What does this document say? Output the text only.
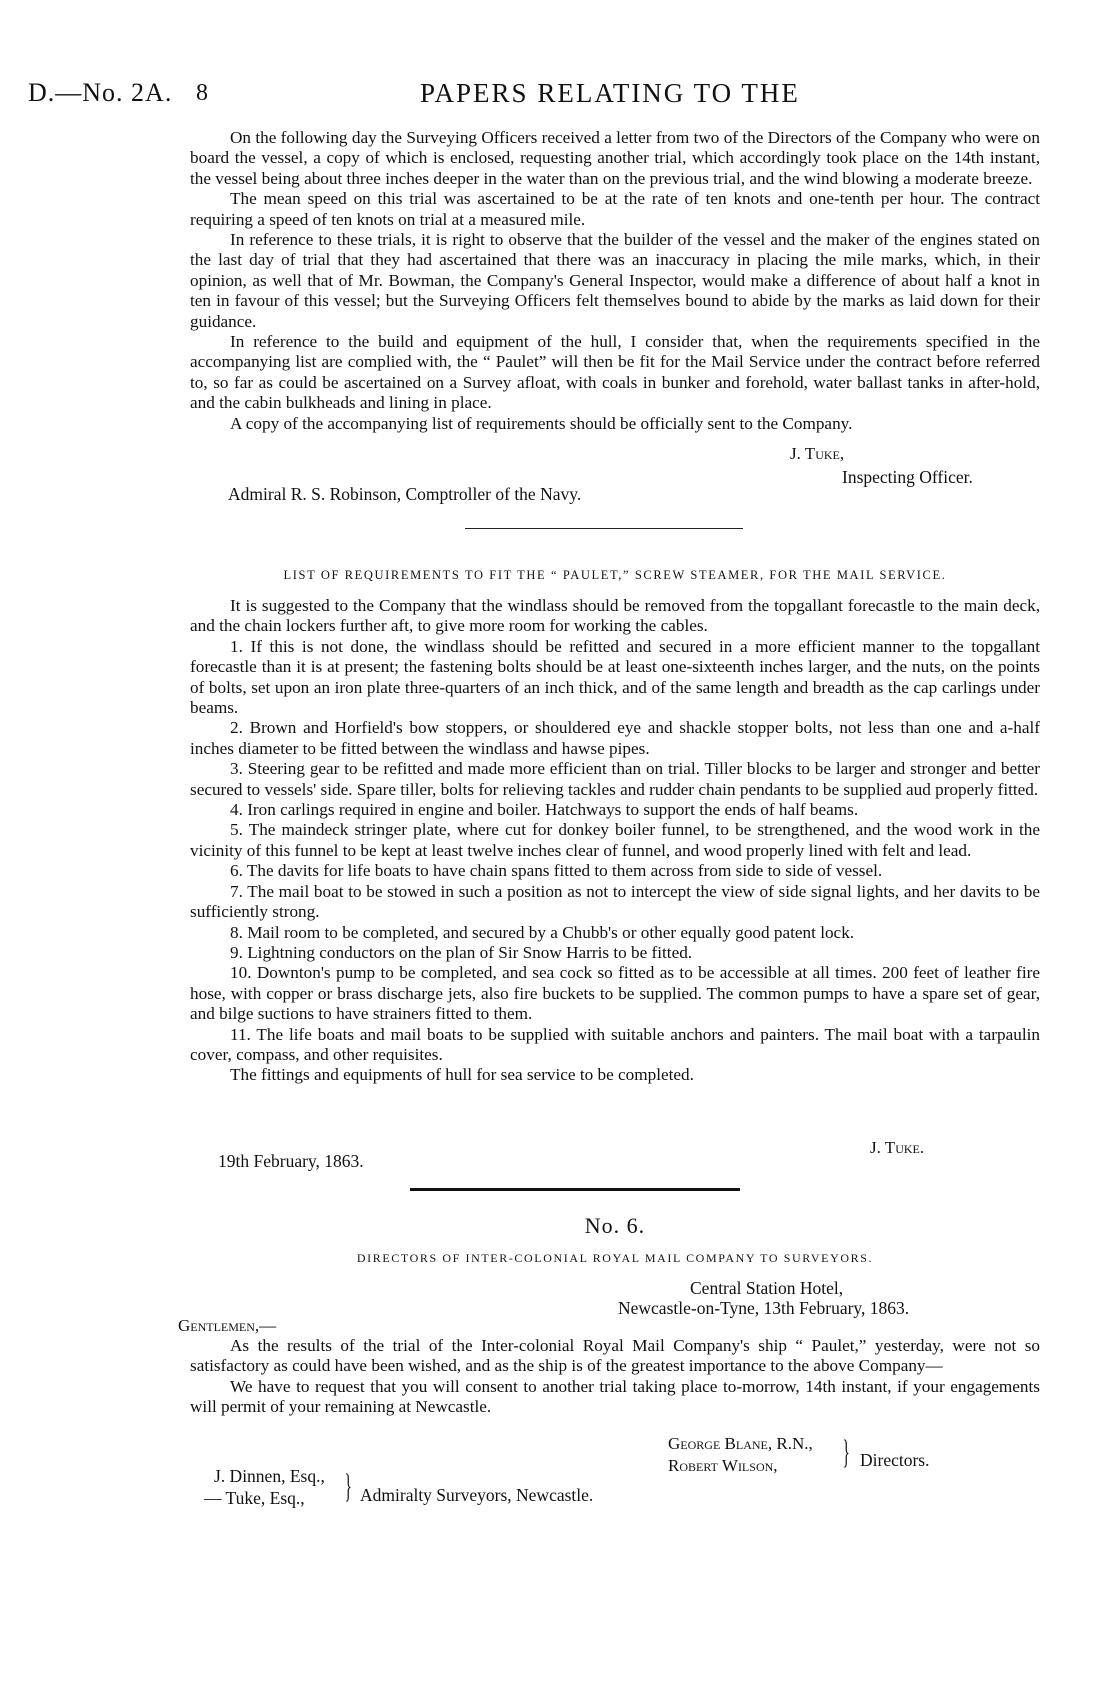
D.—No. 2A. 8	PAPERS RELATING TO THE

On the following day the Surveying Officers received a letter from two of the Directors of the Company who were on board the vessel, a copy of which is enclosed, requesting another trial, which accordingly took place on the 14th instant, the vessel being about three inches deeper in the water than on the previous trial, and the wind blowing a moderate breeze.

The mean speed on this trial was ascertained to be at the rate of ten knots and one-tenth per hour. The contract requiring a speed of ten knots on trial at a measured mile.

In reference to these trials, it is right to observe that the builder of the vessel and the maker of the engines stated on the last day of trial that they had ascertained that there was an inaccuracy in placing the mile marks, which, in their opinion, as well that of Mr. Bowman, the Company's General Inspector, would make a difference of about half a knot in ten in favour of this vessel; but the Surveying Officers felt themselves bound to abide by the marks as laid down for their guidance.

In reference to the build and equipment of the hull, I consider that, when the requirements specified in the accompanying list are complied with, the “ Paulet” will then be fit for the Mail Service under the contract before referred to, so far as could be ascertained on a Survey afloat, with coals in bunker and forehold, water ballast tanks in after-hold, and the cabin bulkheads and lining in place.

A copy of the accompanying list of requirements should be officially sent to the Company.

J. Tuke,
Inspecting Officer.
Admiral R. S. Robinson, Comptroller of the Navy.
LIST OF REQUIREMENTS TO FIT THE “ PAULET,” SCREW STEAMER, FOR THE MAIL SERVICE.

It is suggested to the Company that the windlass should be removed from the topgallant forecastle to the main deck, and the chain lockers further aft, to give more room for working the cables.

1. If this is not done, the windlass should be refitted and secured in a more efficient manner to the topgallant forecastle than it is at present; the fastening bolts should be at least one-sixteenth inches larger, and the nuts, on the points of bolts, set upon an iron plate three-quarters of an inch thick, and of the same length and breadth as the cap carlings under beams.

2. Brown and Horfield's bow stoppers, or shouldered eye and shackle stopper bolts, not less than one and a-half inches diameter to be fitted between the windlass and hawse pipes.

3. Steering gear to be refitted and made more efficient than on trial. Tiller blocks to be larger and stronger and better secured to vessels' side. Spare tiller, bolts for relieving tackles and rudder chain pendants to be supplied aud properly fitted.

4. Iron carlings required in engine and boiler. Hatchways to support the ends of half beams.

5. The maindeck stringer plate, where cut for donkey boiler funnel, to be strengthened, and the wood work in the vicinity of this funnel to be kept at least twelve inches clear of funnel, and wood properly lined with felt and lead.

6. The davits for life boats to have chain spans fitted to them across from side to side of vessel.

7. The mail boat to be stowed in such a position as not to intercept the view of side signal lights, and her davits to be sufficiently strong.

8. Mail room to be completed, and secured by a Chubb's or other equally good patent lock.

9. Lightning conductors on the plan of Sir Snow Harris to be fitted.

10. Downton's pump to be completed, and sea cock so fitted as to be accessible at all times. 200 feet of leather fire hose, with copper or brass discharge jets, also fire buckets to be supplied. The common pumps to have a spare set of gear, and bilge suctions to have strainers fitted to them.

11. The life boats and mail boats to be supplied with suitable anchors and painters. The mail boat with a tarpaulin cover, compass, and other requisites.

The fittings and equipments of hull for sea service to be completed.

J. Tuke.
19th February, 1863.
No. 6.
DIRECTORS OF INTER-COLONIAL ROYAL MAIL COMPANY TO SURVEYORS.
Central Station Hotel,
Newcastle-on-Tyne, 13th February, 1863.
Gentlemen,—

As the results of the trial of the Inter-colonial Royal Mail Company's ship “ Paulet,” yesterday, were not so satisfactory as could have been wished, and as the ship is of the greatest importance to the above Company—

We have to request that you will consent to another trial taking place to-morrow, 14th instant, if your engagements will permit of your remaining at Newcastle.

George Blane, R.N.,
Robert Wilson, } Directors.
J. Dinnen, Esq.,
— Tuke, Esq., } Admiralty Surveyors, Newcastle.
